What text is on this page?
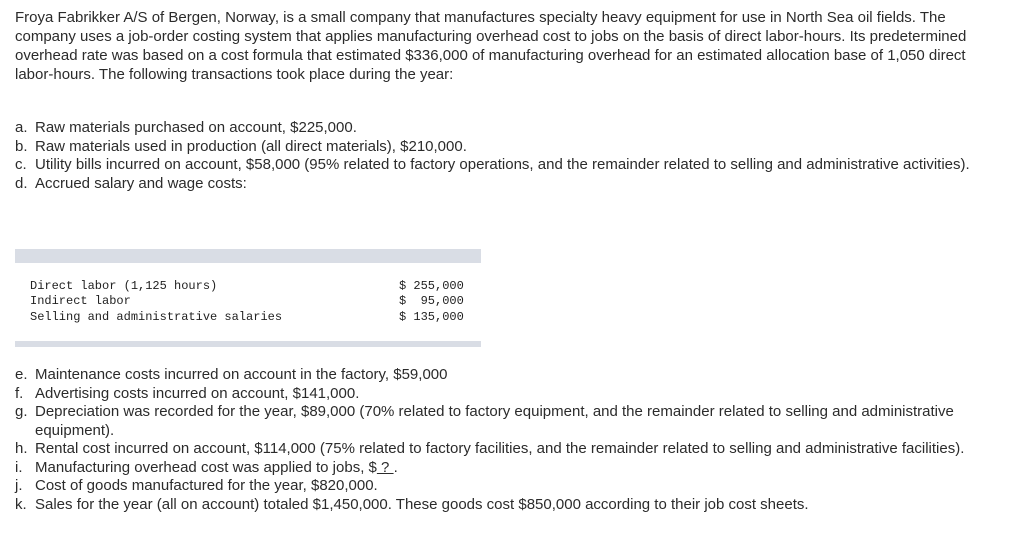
Froya Fabrikker A/S of Bergen, Norway, is a small company that manufactures specialty heavy equipment for use in North Sea oil fields. The company uses a job-order costing system that applies manufacturing overhead cost to jobs on the basis of direct labor-hours. Its predetermined overhead rate was based on a cost formula that estimated $336,000 of manufacturing overhead for an estimated allocation base of 1,050 direct labor-hours. The following transactions took place during the year:

a. Raw materials purchased on account, $225,000.
b. Raw materials used in production (all direct materials), $210,000.
c. Utility bills incurred on account, $58,000 (95% related to factory operations, and the remainder related to selling and administrative activities).
d. Accrued salary and wage costs:

Direct labor (1,125 hours)	$ 255,000
Indirect labor	$  95,000
Selling and administrative salaries	$ 135,000

e. Maintenance costs incurred on account in the factory, $59,000
f. Advertising costs incurred on account, $141,000.
g. Depreciation was recorded for the year, $89,000 (70% related to factory equipment, and the remainder related to selling and administrative equipment).
h. Rental cost incurred on account, $114,000 (75% related to factory facilities, and the remainder related to selling and administrative facilities).
i. Manufacturing overhead cost was applied to jobs, $ ? .
j. Cost of goods manufactured for the year, $820,000.
k. Sales for the year (all on account) totaled $1,450,000. These goods cost $850,000 according to their job cost sheets.
